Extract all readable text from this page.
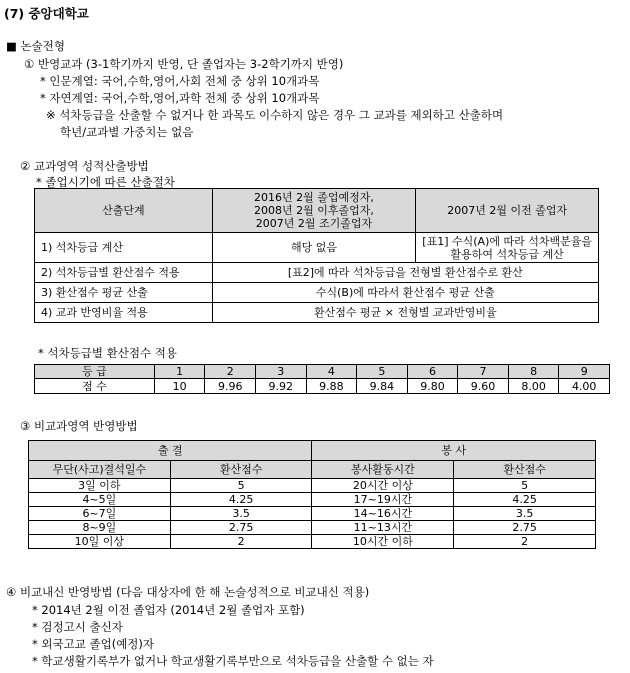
(7) 중앙대학교
■ 논술전형
① 반영교과 (3-1학기까지 반영, 단 졸업자는 3-2학기까지 반영)
* 인문계열: 국어,수학,영어,사회 전체 중 상위 10개과목
* 자연계열: 국어,수학,영어,과학 전체 중 상위 10개과목
※ 석차등급을 산출할 수 없거나 한 과목도 이수하지 않은 경우 그 교과를 제외하고 산출하며
학년/교과별 가중치는 없음
② 교과영역 성적산출방법
* 졸업시기에 따른 산출절차
산출단계	2016년 2월 졸업예정자,
2008년 2월 이후졸업자,
2007년 2월 조기졸업자	2007년 2월 이전 졸업자
1) 석차등급 계산	해당 없음	[표1] 수식(A)에 따라 석차백분율을
활용하여 석차등급 계산

2) 석차등급별 환산점수 적용	[표2]에 따라 석차등급을 전형별 환산점수로 환산	
3) 환산점수 평균 산출	수식(B)에 따라서 환산점수 평균 산출	
4) 교과 반영비율 적용	환산점수 평균 × 전형별 교과반영비율	
* 석차등급별 환산점수 적용
등 급	1	2	3	4	5	6	7	8	9
점 수	10	9.96	9.92	9.88	9.84	9.80	9.60	8.00	4.00
③ 비교과영역 반영방법
출 결		봉 사	
무단(사고)결석일수	환산점수	봉사활동시간	환산점수
3일 이하	5	20시간 이상	5
4~5일	4.25	17~19시간	4.25
6~7일	3.5	14~16시간	3.5
8~9일	2.75	11~13시간	2.75
10일 이상	2	10시간 이하	2
④ 비교내신 반영방법 (다음 대상자에 한 해 논술성적으로 비교내신 적용)
* 2014년 2월 이전 졸업자 (2014년 2월 졸업자 포함)
* 검정고시 출신자
* 외국고교 졸업(예정)자
* 학교생활기록부가 없거나 학교생활기록부만으로 석차등급을 산출할 수 없는 자
